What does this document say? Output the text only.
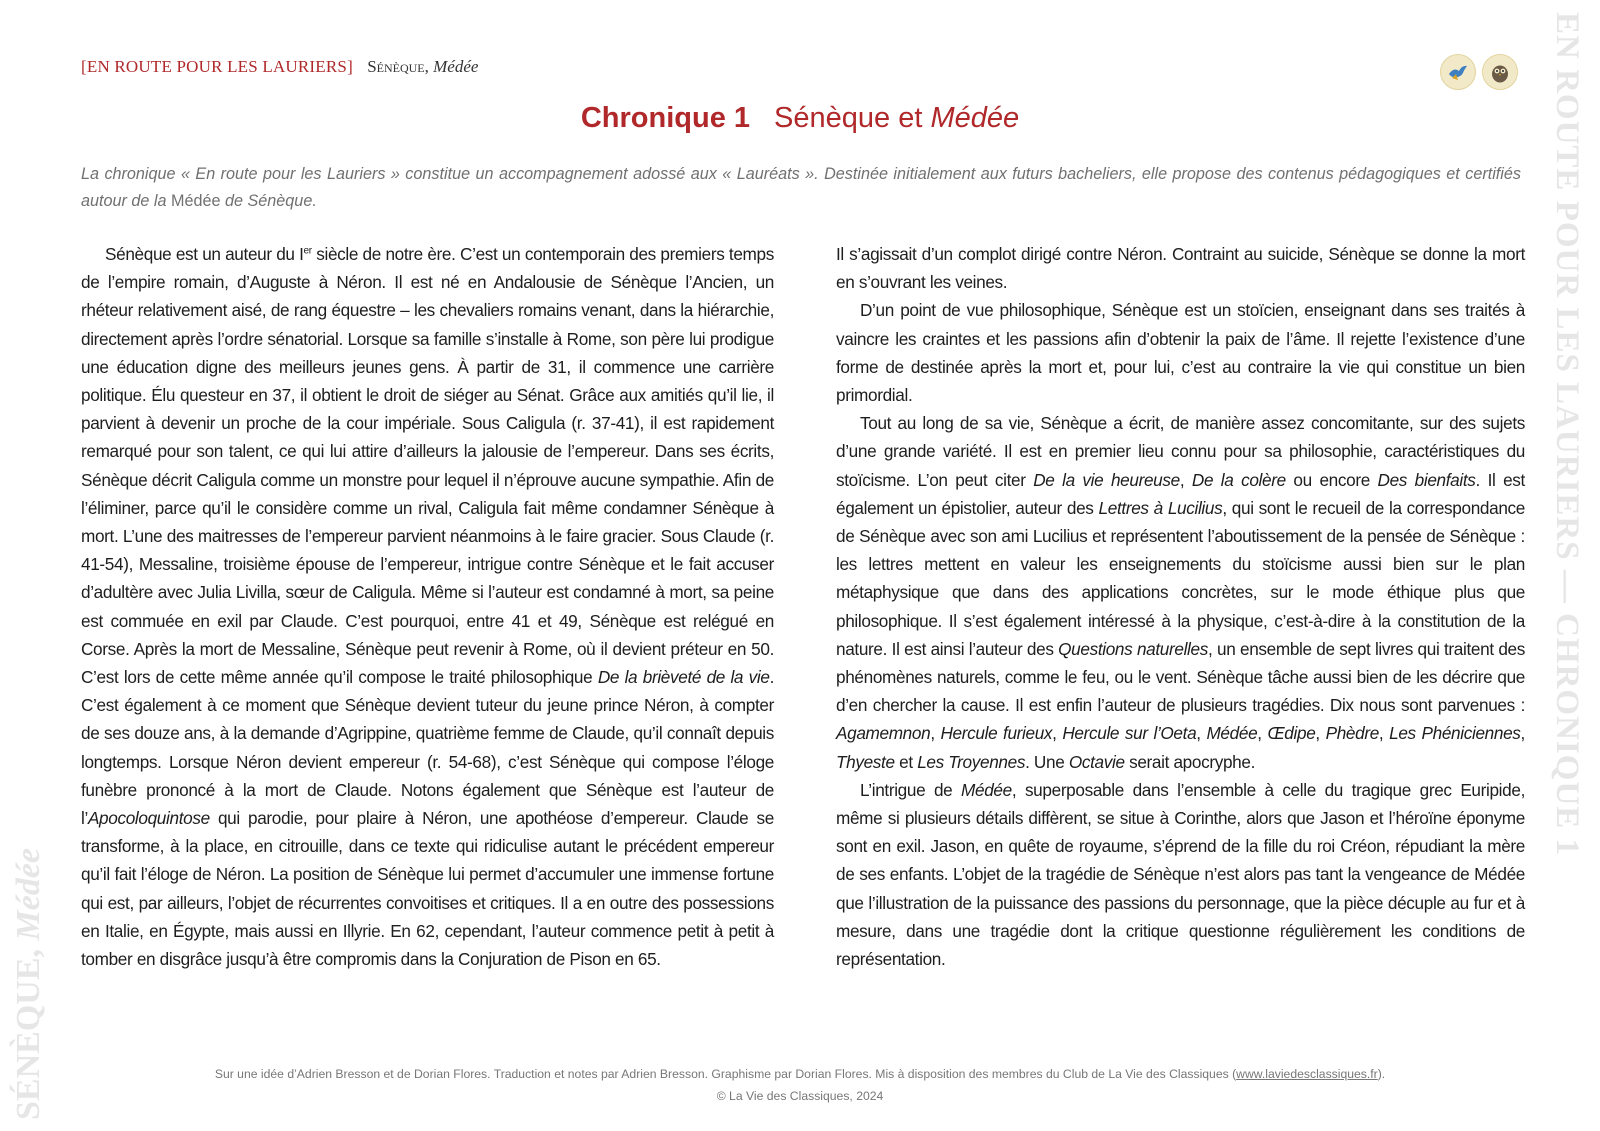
[EN ROUTE POUR LES LAURIERS] Sénèque, Médée	EN ROUTE POUR LES LAURIERS — CHRONIQUE 1
SÉNÈQUE, Médée
Chronique 1 Sénèque et Médée
La chronique « En route pour les Lauriers » constitue un accompagnement adossé aux « Lauréats ». Destinée initialement aux futurs bacheliers, elle propose des contenus pédagogiques et certifiés autour de la Médée de Sénèque.

Sénèque est un auteur du Ier siècle de notre ère. C’est un contemporain des premiers temps de l’empire romain, d’Auguste à Néron. Il est né en Andalousie de Sénèque l’Ancien, un rhéteur relativement aisé, de rang équestre – les chevaliers romains venant, dans la hiérarchie, directement après l’ordre sénatorial. Lorsque sa famille s’installe à Rome, son père lui prodigue une éducation digne des meilleurs jeunes gens. À partir de 31, il commence une carrière politique. Élu questeur en 37, il obtient le droit de siéger au Sénat. Grâce aux amitiés qu’il lie, il parvient à devenir un proche de la cour impériale. Sous Caligula (r. 37-41), il est rapidement remarqué pour son talent, ce qui lui attire d’ailleurs la jalousie de l’empereur. Dans ses écrits, Sénèque décrit Caligula comme un monstre pour lequel il n’éprouve aucune sympathie. Afin de l’éliminer, parce qu’il le considère comme un rival, Caligula fait même condamner Sénèque à mort. L’une des maitresses de l’empereur parvient néanmoins à le faire gracier. Sous Claude (r. 41-54), Messaline, troisième épouse de l’empereur, intrigue contre Sénèque et le fait accuser d’adultère avec Julia Livilla, sœur de Caligula. Même si l’auteur est condamné à mort, sa peine est commuée en exil par Claude. C’est pourquoi, entre 41 et 49, Sénèque est relégué en Corse. Après la mort de Messaline, Sénèque peut revenir à Rome, où il devient préteur en 50. C’est lors de cette même année qu’il compose le traité philosophique De la brièveté de la vie. C’est également à ce moment que Sénèque devient tuteur du jeune prince Néron, à compter de ses douze ans, à la demande d’Agrippine, quatrième femme de Claude, qu’il connaît depuis longtemps. Lorsque Néron devient empereur (r. 54-68), c’est Sénèque qui compose l’éloge funèbre prononcé à la mort de Claude. Notons également que Sénèque est l’auteur de l’Apocoloquintose qui parodie, pour plaire à Néron, une apothéose d’empereur. Claude se transforme, à la place, en citrouille, dans ce texte qui ridiculise autant le précédent empereur qu’il fait l’éloge de Néron. La position de Sénèque lui permet d’accumuler une immense fortune qui est, par ailleurs, l’objet de récurrentes convoitises et critiques. Il a en outre des possessions en Italie, en Égypte, mais aussi en Illyrie. En 62, cependant, l’auteur commence petit à petit à tomber en disgrâce jusqu’à être compromis dans la Conjuration de Pison en 65.

Il s’agissait d’un complot dirigé contre Néron. Contraint au suicide, Sénèque se donne la mort en s’ouvrant les veines.

D’un point de vue philosophique, Sénèque est un stoïcien, enseignant dans ses traités à vaincre les craintes et les passions afin d’obtenir la paix de l’âme. Il rejette l’existence d’une forme de destinée après la mort et, pour lui, c’est au contraire la vie qui constitue un bien primordial.

Tout au long de sa vie, Sénèque a écrit, de manière assez concomitante, sur des sujets d’une grande variété. Il est en premier lieu connu pour sa philosophie, caractéristiques du stoïcisme. L’on peut citer De la vie heureuse, De la colère ou encore Des bienfaits. Il est également un épistolier, auteur des Lettres à Lucilius, qui sont le recueil de la correspondance de Sénèque avec son ami Lucilius et représentent l’aboutissement de la pensée de Sénèque : les lettres mettent en valeur les enseignements du stoïcisme aussi bien sur le plan métaphysique que dans des applications concrètes, sur le mode éthique plus que philosophique. Il s’est également intéressé à la physique, c’est-à-dire à la constitution de la nature. Il est ainsi l’auteur des Questions naturelles, un ensemble de sept livres qui traitent des phénomènes naturels, comme le feu, ou le vent. Sénèque tâche aussi bien de les décrire que d’en chercher la cause. Il est enfin l’auteur de plusieurs tragédies. Dix nous sont parvenues : Agamemnon, Hercule furieux, Hercule sur l’Oeta, Médée, Œdipe, Phèdre, Les Phéniciennes, Thyeste et Les Troyennes. Une Octavie serait apocryphe.

L’intrigue de Médée, superposable dans l’ensemble à celle du tragique grec Euripide, même si plusieurs détails diffèrent, se situe à Corinthe, alors que Jason et l’héroïne éponyme sont en exil. Jason, en quête de royaume, s’éprend de la fille du roi Créon, répudiant la mère de ses enfants. L’objet de la tragédie de Sénèque n’est alors pas tant la vengeance de Médée que l’illustration de la puissance des passions du personnage, que la pièce décuple au fur et à mesure, dans une tragédie dont la critique questionne régulièrement les conditions de représentation.

Sur une idée d’Adrien Bresson et de Dorian Flores. Traduction et notes par Adrien Bresson. Graphisme par Dorian Flores. Mis à disposition des membres du Club de La Vie des Classiques (www.laviedesclassiques.fr).
© La Vie des Classiques, 2024
